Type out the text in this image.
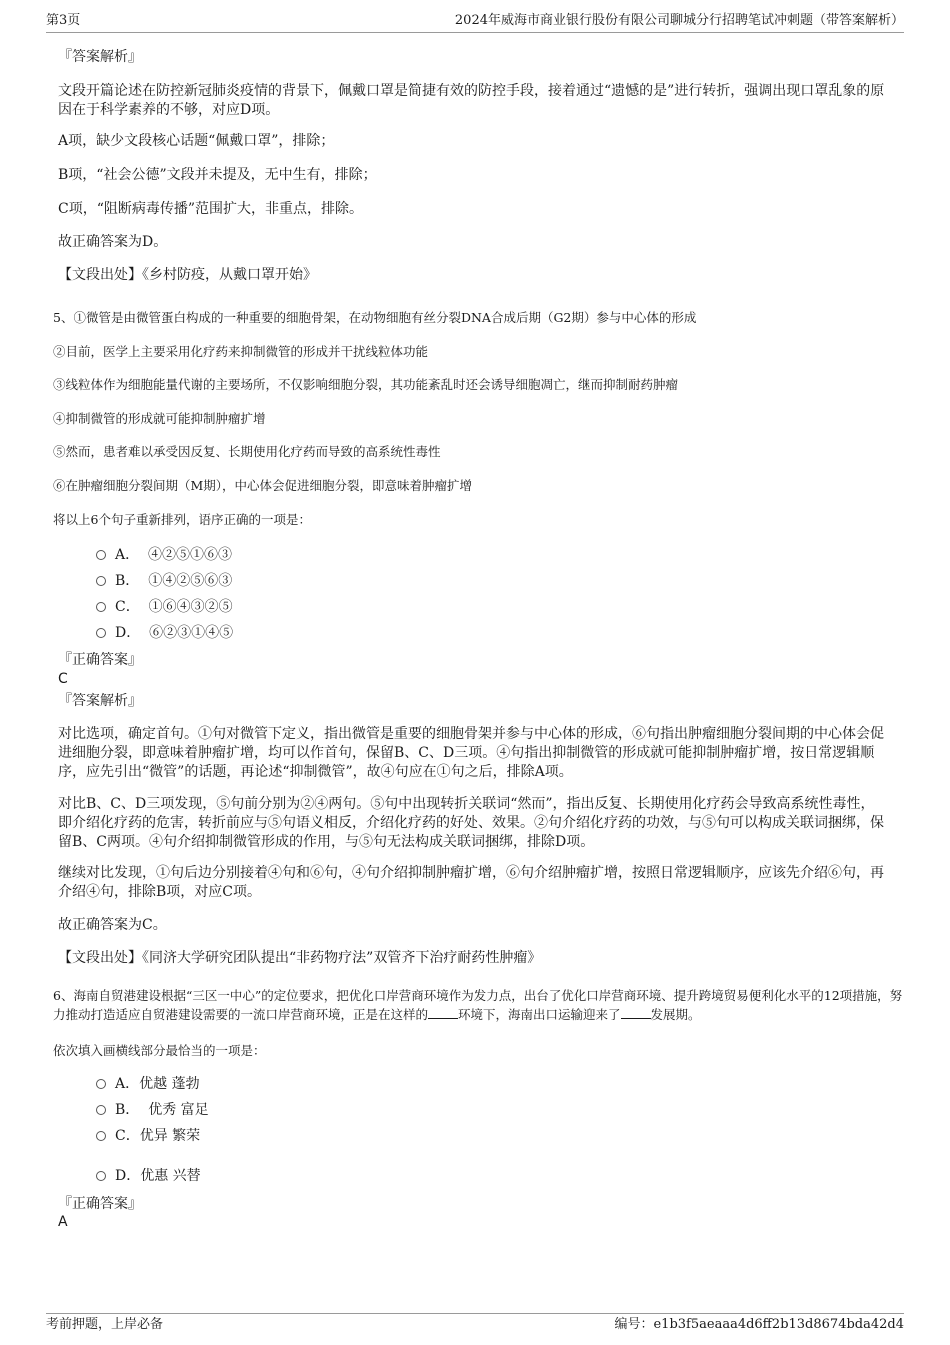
第3页	2024年威海市商业银行股份有限公司聊城分行招聘笔试冲刺题（带答案解析）
『答案解析』
文段开篇论述在防控新冠肺炎疫情的背景下，佩戴口罩是简捷有效的防控手段，接着通过“遗憾的是”进行转折，强调出现口罩乱象的原因在于科学素养的不够，对应D项。
A项，缺少文段核心话题“佩戴口罩”，排除；
B项，“社会公德”文段并未提及，无中生有，排除；
C项，“阻断病毒传播”范围扩大，非重点，排除。
故正确答案为D。
【文段出处】《乡村防疫，从戴口罩开始》
5、①微管是由微管蛋白构成的一种重要的细胞骨架，在动物细胞有丝分裂DNA合成后期（G2期）参与中心体的形成
②目前，医学上主要采用化疗药来抑制微管的形成并干扰线粒体功能
③线粒体作为细胞能量代谢的主要场所，不仅影响细胞分裂，其功能紊乱时还会诱导细胞凋亡，继而抑制耐药肿瘤
④抑制微管的形成就可能抑制肿瘤扩增
⑤然而，患者难以承受因反复、长期使用化疗药而导致的高系统性毒性
⑥在肿瘤细胞分裂间期（M期），中心体会促进细胞分裂，即意味着肿瘤扩增
将以上6个句子重新排列，语序正确的一项是：
A． ④②⑤①⑥③
B． ①④②⑤⑥③
C． ①⑥④③②⑤
D． ⑥②③①④⑤
『正确答案』
C
『答案解析』
对比选项，确定首句。①句对微管下定义，指出微管是重要的细胞骨架并参与中心体的形成，⑥句指出肿瘤细胞分裂间期的中心体会促进细胞分裂，即意味着肿瘤扩增，均可以作首句，保留B、C、D三项。④句指出抑制微管的形成就可能抑制肿瘤扩增，按日常逻辑顺序，应先引出“微管”的话题，再论述“抑制微管”，故④句应在①句之后，排除A项。
对比B、C、D三项发现，⑤句前分别为②④两句。⑤句中出现转折关联词“然而”，指出反复、长期使用化疗药会导致高系统性毒性，即介绍化疗药的危害，转折前应与⑤句语义相反，介绍化疗药的好处、效果。②句介绍化疗药的功效，与⑤句可以构成关联词捆绑，保留B、C两项。④句介绍抑制微管形成的作用，与⑤句无法构成关联词捆绑，排除D项。
继续对比发现，①句后边分别接着④句和⑥句，④句介绍抑制肿瘤扩增，⑥句介绍肿瘤扩增，按照日常逻辑顺序，应该先介绍⑥句，再介绍④句，排除B项，对应C项。
故正确答案为C。
【文段出处】《同济大学研究团队提出“非药物疗法”双管齐下治疗耐药性肿瘤》
6、海南自贸港建设根据“三区一中心”的定位要求，把优化口岸营商环境作为发力点，出台了优化口岸营商环境、提升跨境贸易便利化水平的12项措施，努力推动打造适应自贸港建设需要的一流口岸营商环境，正是在这样的 环境下，海南出口运输迎来了 发展期。
依次填入画横线部分最恰当的一项是：
A．优越 蓬勃
B． 优秀 富足
C．优异 繁荣
D．优惠 兴替
『正确答案』
A
考前押题，上岸必备	编号：e1b3f5aeaaa4d6ff2b13d8674bda42d4
